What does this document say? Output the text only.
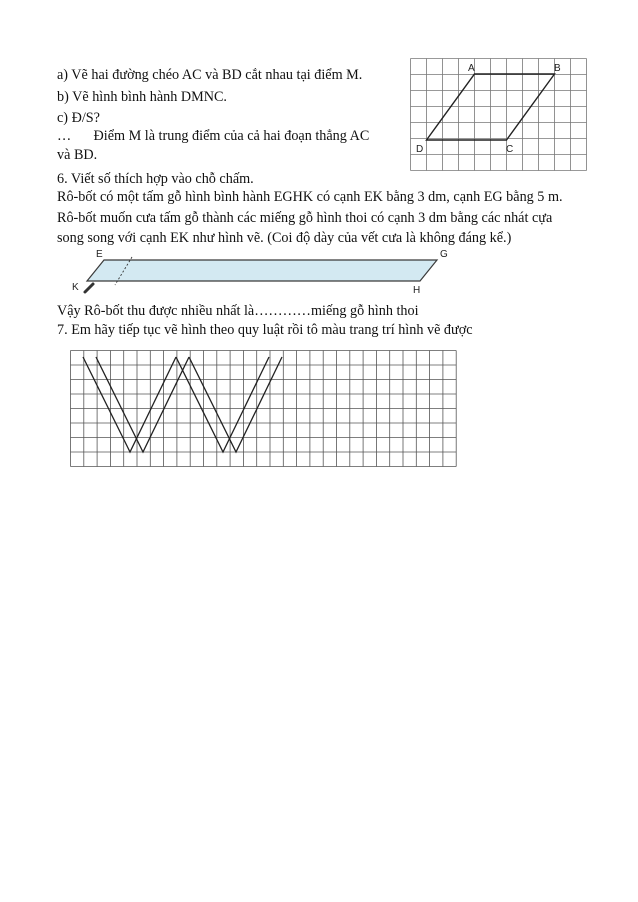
a) Vẽ hai đường chéo AC và BD cắt nhau tại điểm M.
b) Vẽ hình bình hành DMNC.
c) Đ/S?
… Điểm M là trung điểm của cả hai đoạn thẳng AC
và BD.
A	B
C
D
6. Viết số thích hợp vào chỗ chấm.
Rô-bốt có một tấm gỗ hình bình hành EGHK có cạnh EK bằng 3 dm, cạnh EG bằng 5 m.
Rô-bốt muốn cưa tấm gỗ thành các miếng gỗ hình thoi có cạnh 3 dm bằng các nhát cựa
song song với cạnh EK như hình vẽ. (Coi độ dày của vết cưa là không đáng kể.)
E	G
K	H
Vậy Rô-bốt thu được nhiều nhất là…………miếng gỗ hình thoi
7. Em hãy tiếp tục vẽ hình theo quy luật rồi tô màu trang trí hình vẽ được
